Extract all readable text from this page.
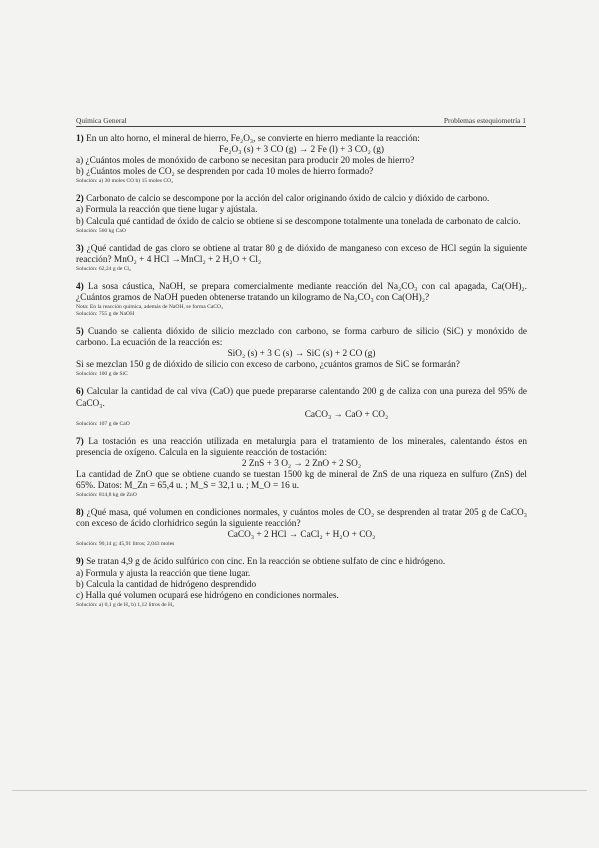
Química General	Problemas estequiometría 1

1) En un alto horno, el mineral de hierro, Fe₂O₃, se convierte en hierro mediante la reacción:
Fe₂O₃ (s) + 3 CO (g) → 2 Fe (l) + 3 CO₂ (g)
a) ¿Cuántos moles de monóxido de carbono se necesitan para producir 20 moles de hierro?
b) ¿Cuántos moles de CO₂ se desprenden por cada 10 moles de hierro formado?
Solución: a) 30 moles CO b) 15 moles CO₂
2) Carbonato de calcio se descompone por la acción del calor originando óxido de calcio y dióxido de carbono.
a) Formula la reacción que tiene lugar y ajústala.
b) Calcula qué cantidad de óxido de calcio se obtiene si se descompone totalmente una tonelada de carbonato de calcio.
Solución: 560 kg CaO
3) ¿Qué cantidad de gas cloro se obtiene al tratar 80 g de dióxido de manganeso con exceso de HCl según la siguiente reacción? MnO₂ + 4 HCl →MnCl₂ + 2 H₂O + Cl₂
Solución: 62,24 g de Cl₂
4) La sosa cáustica, NaOH, se prepara comercialmente mediante reacción del Na₂CO₃ con cal apagada, Ca(OH)₂. ¿Cuántos gramos de NaOH pueden obtenerse tratando un kilogramo de Na₂CO₃ con Ca(OH)₂?
Nota: En la reacción química, además de NaOH, se forma CaCO₃
Solución: 755 g de NaOH
5) Cuando se calienta dióxido de silicio mezclado con carbono, se forma carburo de silicio (SiC) y monóxido de carbono. La ecuación de la reacción es:
SiO₂ (s) + 3 C (s) → SiC (s) + 2 CO (g)
Si se mezclan 150 g de dióxido de silicio con exceso de carbono, ¿cuántos gramos de SiC se formarán?
Solución: 100 g de SiC
6) Calcular la cantidad de cal viva (CaO) que puede prepararse calentando 200 g de caliza con una pureza del 95% de CaCO₃.
CaCO₃ → CaO + CO₂
Solución: 107 g de CaO
7) La tostación es una reacción utilizada en metalurgia para el tratamiento de los minerales, calentando éstos en presencia de oxígeno. Calcula en la siguiente reacción de tostación:
2 ZnS + 3 O₂ → 2 ZnO + 2 SO₂
La cantidad de ZnO que se obtiene cuando se tuestan 1500 kg de mineral de ZnS de una riqueza en sulfuro (ZnS) del 65%. Datos: M_Zn = 65,4 u. ; M_S = 32,1 u. ; M_O = 16 u.
Solución: 814,8 kg de ZnO
8) ¿Qué masa, qué volumen en condiciones normales, y cuántos moles de CO₂ se desprenden al tratar 205 g de CaCO₃ con exceso de ácido clorhídrico según la siguiente reacción?
CaCO₃ + 2 HCl → CaCl₂ + H₂O + CO₂
Solución: 90,14 g; 45,91 litros; 2,043 moles
9) Se tratan 4,9 g de ácido sulfúrico con cinc. En la reacción se obtiene sulfato de cinc e hidrógeno.
a) Formula y ajusta la reacción que tiene lugar.
b) Calcula la cantidad de hidrógeno desprendido
c) Halla qué volumen ocupará ese hidrógeno en condiciones normales.
Solución: a) 0,1 g de H₂ b) 1,12 litros de H₂
